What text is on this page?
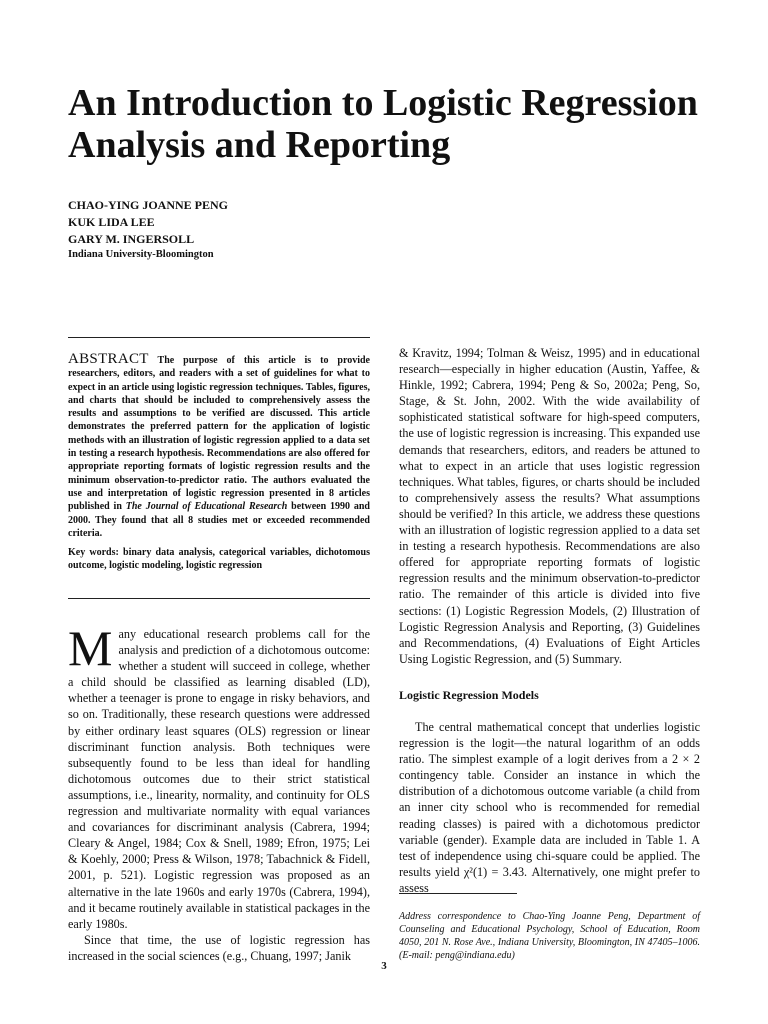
An Introduction to Logistic Regression Analysis and Reporting
CHAO-YING JOANNE PENG
KUK LIDA LEE
GARY M. INGERSOLL
Indiana University-Bloomington
ABSTRACT The purpose of this article is to provide researchers, editors, and readers with a set of guidelines for what to expect in an article using logistic regression techniques. Tables, figures, and charts that should be included to comprehensively assess the results and assumptions to be verified are discussed. This article demonstrates the preferred pattern for the application of logistic methods with an illustration of logistic regression applied to a data set in testing a research hypothesis. Recommendations are also offered for appropriate reporting formats of logistic regression results and the minimum observation-to-predictor ratio. The authors evaluated the use and interpretation of logistic regression presented in 8 articles published in The Journal of Educational Research between 1990 and 2000. They found that all 8 studies met or exceeded recommended criteria.
Key words: binary data analysis, categorical variables, dichotomous outcome, logistic modeling, logistic regression

Many educational research problems call for the analysis and prediction of a dichotomous outcome: whether a student will succeed in college, whether a child should be classified as learning disabled (LD), whether a teenager is prone to engage in risky behaviors, and so on. Traditionally, these research questions were addressed by either ordinary least squares (OLS) regression or linear discriminant function analysis. Both techniques were subsequently found to be less than ideal for handling dichotomous outcomes due to their strict statistical assumptions, i.e., linearity, normality, and continuity for OLS regression and multivariate normality with equal variances and covariances for discriminant analysis (Cabrera, 1994; Cleary & Angel, 1984; Cox & Snell, 1989; Efron, 1975; Lei & Koehly, 2000; Press & Wilson, 1978; Tabachnick & Fidell, 2001, p. 521). Logistic regression was proposed as an alternative in the late 1960s and early 1970s (Cabrera, 1994), and it became routinely available in statistical packages in the early 1980s.

Since that time, the use of logistic regression has increased in the social sciences (e.g., Chuang, 1997; Janik

& Kravitz, 1994; Tolman & Weisz, 1995) and in educational research—especially in higher education (Austin, Yaffee, & Hinkle, 1992; Cabrera, 1994; Peng & So, 2002a; Peng, So, Stage, & St. John, 2002. With the wide availability of sophisticated statistical software for high-speed computers, the use of logistic regression is increasing. This expanded use demands that researchers, editors, and readers be attuned to what to expect in an article that uses logistic regression techniques. What tables, figures, or charts should be included to comprehensively assess the results? What assumptions should be verified? In this article, we address these questions with an illustration of logistic regression applied to a data set in testing a research hypothesis. Recommendations are also offered for appropriate reporting formats of logistic regression results and the minimum observation-to-predictor ratio. The remainder of this article is divided into five sections: (1) Logistic Regression Models, (2) Illustration of Logistic Regression Analysis and Reporting, (3) Guidelines and Recommendations, (4) Evaluations of Eight Articles Using Logistic Regression, and (5) Summary.

Logistic Regression Models

The central mathematical concept that underlies logistic regression is the logit—the natural logarithm of an odds ratio. The simplest example of a logit derives from a 2 × 2 contingency table. Consider an instance in which the distribution of a dichotomous outcome variable (a child from an inner city school who is recommended for remedial reading classes) is paired with a dichotomous predictor variable (gender). Example data are included in Table 1. A test of independence using chi-square could be applied. The results yield χ²(1) = 3.43. Alternatively, one might prefer to assess

Address correspondence to Chao-Ying Joanne Peng, Department of Counseling and Educational Psychology, School of Education, Room 4050, 201 N. Rose Ave., Indiana University, Bloomington, IN 47405–1006. (E-mail: peng@indiana.edu)
3
